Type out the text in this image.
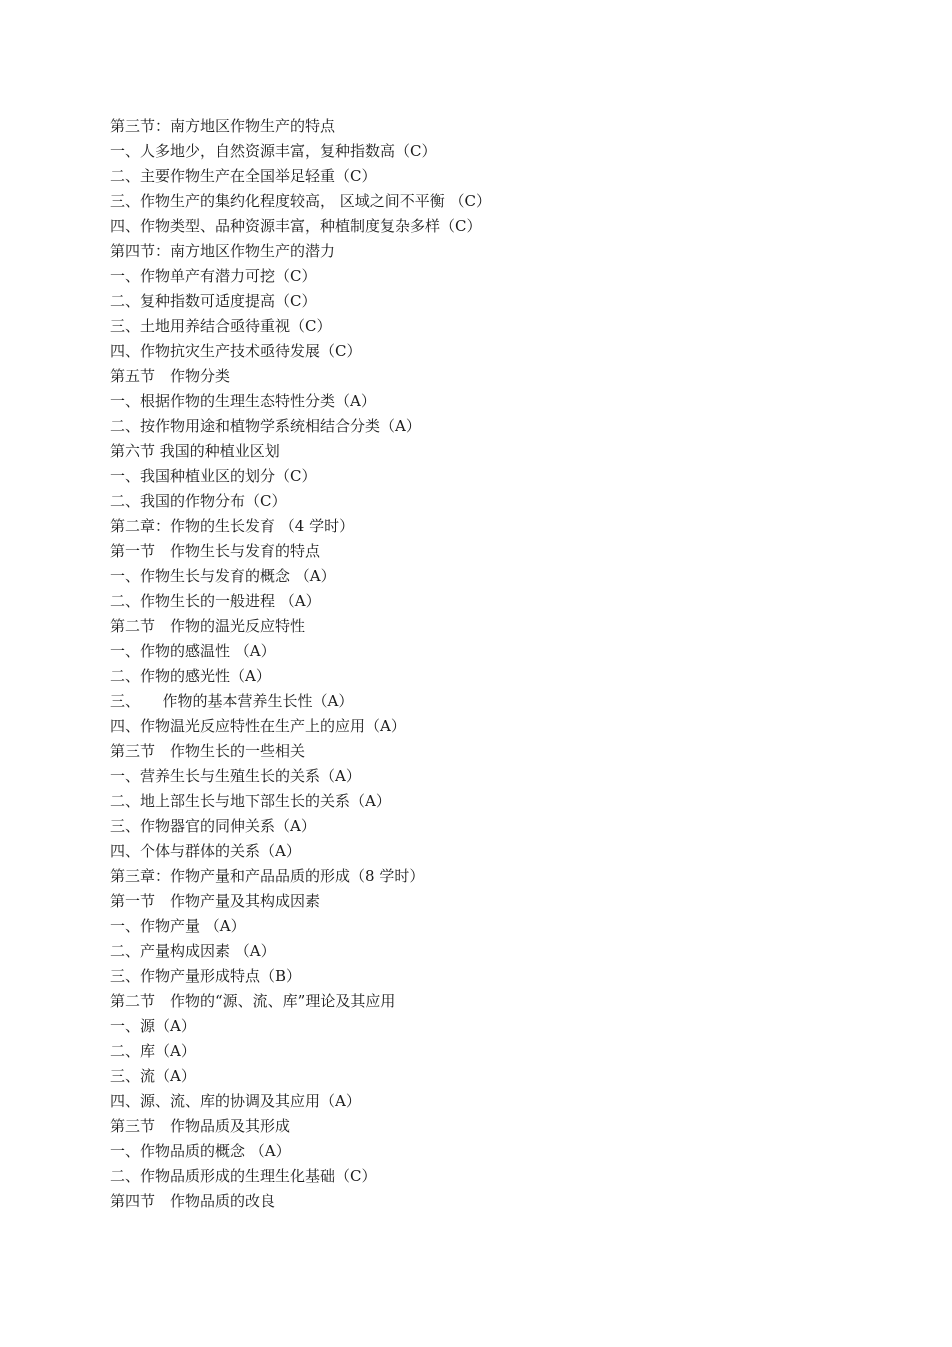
第三节：南方地区作物生产的特点
一、人多地少，自然资源丰富，复种指数高（C）
二、主要作物生产在全国举足轻重（C）
三、作物生产的集约化程度较高， 区域之间不平衡 （C）
四、作物类型、品种资源丰富，种植制度复杂多样（C）
第四节：南方地区作物生产的潜力
一、作物单产有潜力可挖（C）
二、复种指数可适度提高（C）
三、土地用养结合亟待重视（C）
四、作物抗灾生产技术亟待发展（C）
第五节　作物分类
一、根据作物的生理生态特性分类（A）
二、按作物用途和植物学系统相结合分类（A）
第六节 我国的种植业区划
一、我国种植业区的划分（C）
二、我国的作物分布（C）
第二章：作物的生长发育 （4 学时）
第一节　作物生长与发育的特点
一、作物生长与发育的概念 （A）
二、作物生长的一般进程 （A）
第二节　作物的温光反应特性
一、作物的感温性 （A）
二、作物的感光性（A）
三、　　作物的基本营养生长性（A）
四、作物温光反应特性在生产上的应用（A）
第三节　作物生长的一些相关
一、营养生长与生殖生长的关系（A）
二、地上部生长与地下部生长的关系（A）
三、作物器官的同伸关系（A）
四、个体与群体的关系（A）
第三章：作物产量和产品品质的形成（8 学时）
第一节　作物产量及其构成因素
一、作物产量 （A）
二、产量构成因素 （A）
三、作物产量形成特点（B）
第二节　作物的“源、流、库”理论及其应用
一、源（A）
二、库（A）
三、流（A）
四、源、流、库的协调及其应用（A）
第三节　作物品质及其形成
一、作物品质的概念 （A）
二、作物品质形成的生理生化基础（C）
第四节　作物品质的改良
